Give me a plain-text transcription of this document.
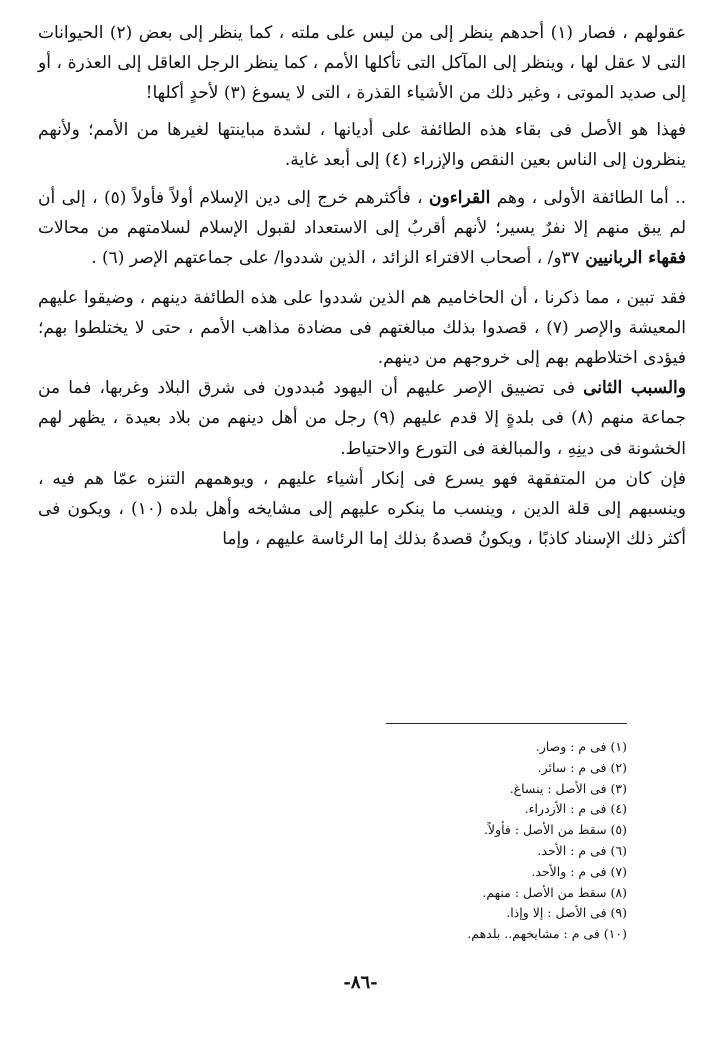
عقولهم ، فصار (١) أحدهم ينظر إلى من ليس على ملته ، كما ينظر إلى بعض (٢) الحيوانات التى لا عقل لها ، وينظر إلى المآكل التى تأكلها الأمم ، كما ينظر الرجل العاقل إلى العذرة ، أو إلى صديد الموتى ، وغير ذلك من الأشياء القذرة ، التى لا يسوغ (٣) لأحدٍ أكلها!

فهذا هو الأصل فى بقاء هذه الطائفة على أديانها ، لشدة مباينتها لغيرها من الأمم؛ ولأنهم ينظرون إلى الناس بعين النقص والإزراء (٤) إلى أبعد غاية.

.. أما الطائفة الأولى ، وهم القراءون ، فأكثرهم خرج إلى دين الإسلام أولاً فأولاً (٥) ، إلى أن لم يبق منهم إلا نفرٌ يسير؛ لأنهم أقربُ إلى الاستعداد لقبول الإسلام لسلامتهم من محالات فقهاء الربانيين ٣٧و/ ، أصحاب الافتراء الزائد ، الذين شددوا/ على جماعتهم الإصر (٦) .

فقد تبين ، مما ذكرنا ، أن الحاخاميم هم الذين شددوا على هذه الطائفة دينهم ، وضيقوا عليهم المعيشة والإصر (٧) ، قصدوا بذلك مبالغتهم فى مضادة مذاهب الأمم ، حتى لا يختلطوا بهم؛ فيؤدى اختلاطهم بهم إلى خروجهم من دينهم.

والسبب الثانى فى تضييق الإصر عليهم أن اليهود مُبددون فى شرق البلاد وغربها، فما من جماعة منهم (٨) فى بلدةٍ إلا قدم عليهم (٩) رجل من أهل دينهم من بلاد بعيدة ، يظهر لهم الخشونة فى دينِهِ ، والمبالغة فى التورع والاحتياط.

فإن كان من المتفقهة فهو يسرع فى إنكار أشياء عليهم ، ويوهمهم التنزه عمّا هم فيه ، وينسبهم إلى قلة الدين ، وينسب ما ينكره عليهم إلى مشايخه وأهل بلده (١٠) ، ويكون فى أكثر ذلك الإسناد كاذبًا ، ويكونُ قصدهُ بذلك إما الرئاسة عليهم ، وإما

(١) فى م : وصار.
(٢) فى م : سائر.
(٣) فى الأصل : ينساغ.
(٤) فى م : الأزدراء.
(٥) سقط من الأصل : فأولاً.
(٦) فى م : الأحد.
(٧) فى م : والأحد.
(٨) سقط من الأصل : منهم.
(٩) فى الأصل : إلا وإذا.
(١٠) فى م : مشايخهم.. بلدهم.
-٨٦-
